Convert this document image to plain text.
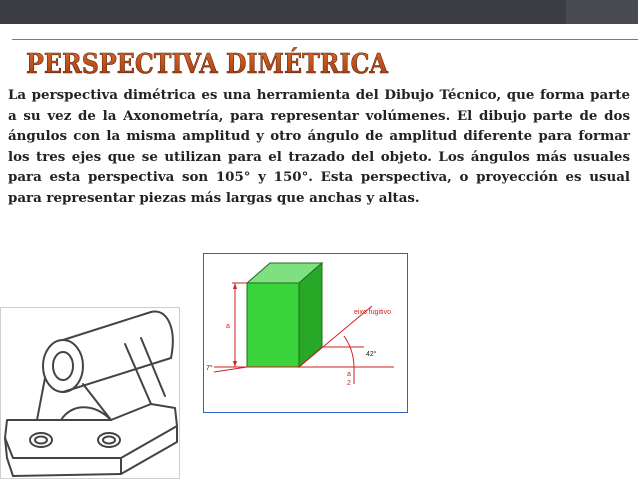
PERSPECTIVA DIMÉTRICA
La perspectiva dimétrica es una herramienta del Dibujo Técnico, que forma parte a su vez de la Axonometría, para representar volúmenes. El dibujo parte de dos ángulos con la misma amplitud y otro ángulo de amplitud diferente para formar los tres ejes que se utilizan para el trazado del objeto. Los ángulos más usuales para esta perspectiva son 105° y 150°. Esta perspectiva, o proyección es usual para representar piezas más largas que anchas y altas.
eixo fugitivo
42°
7°
a
a
2
